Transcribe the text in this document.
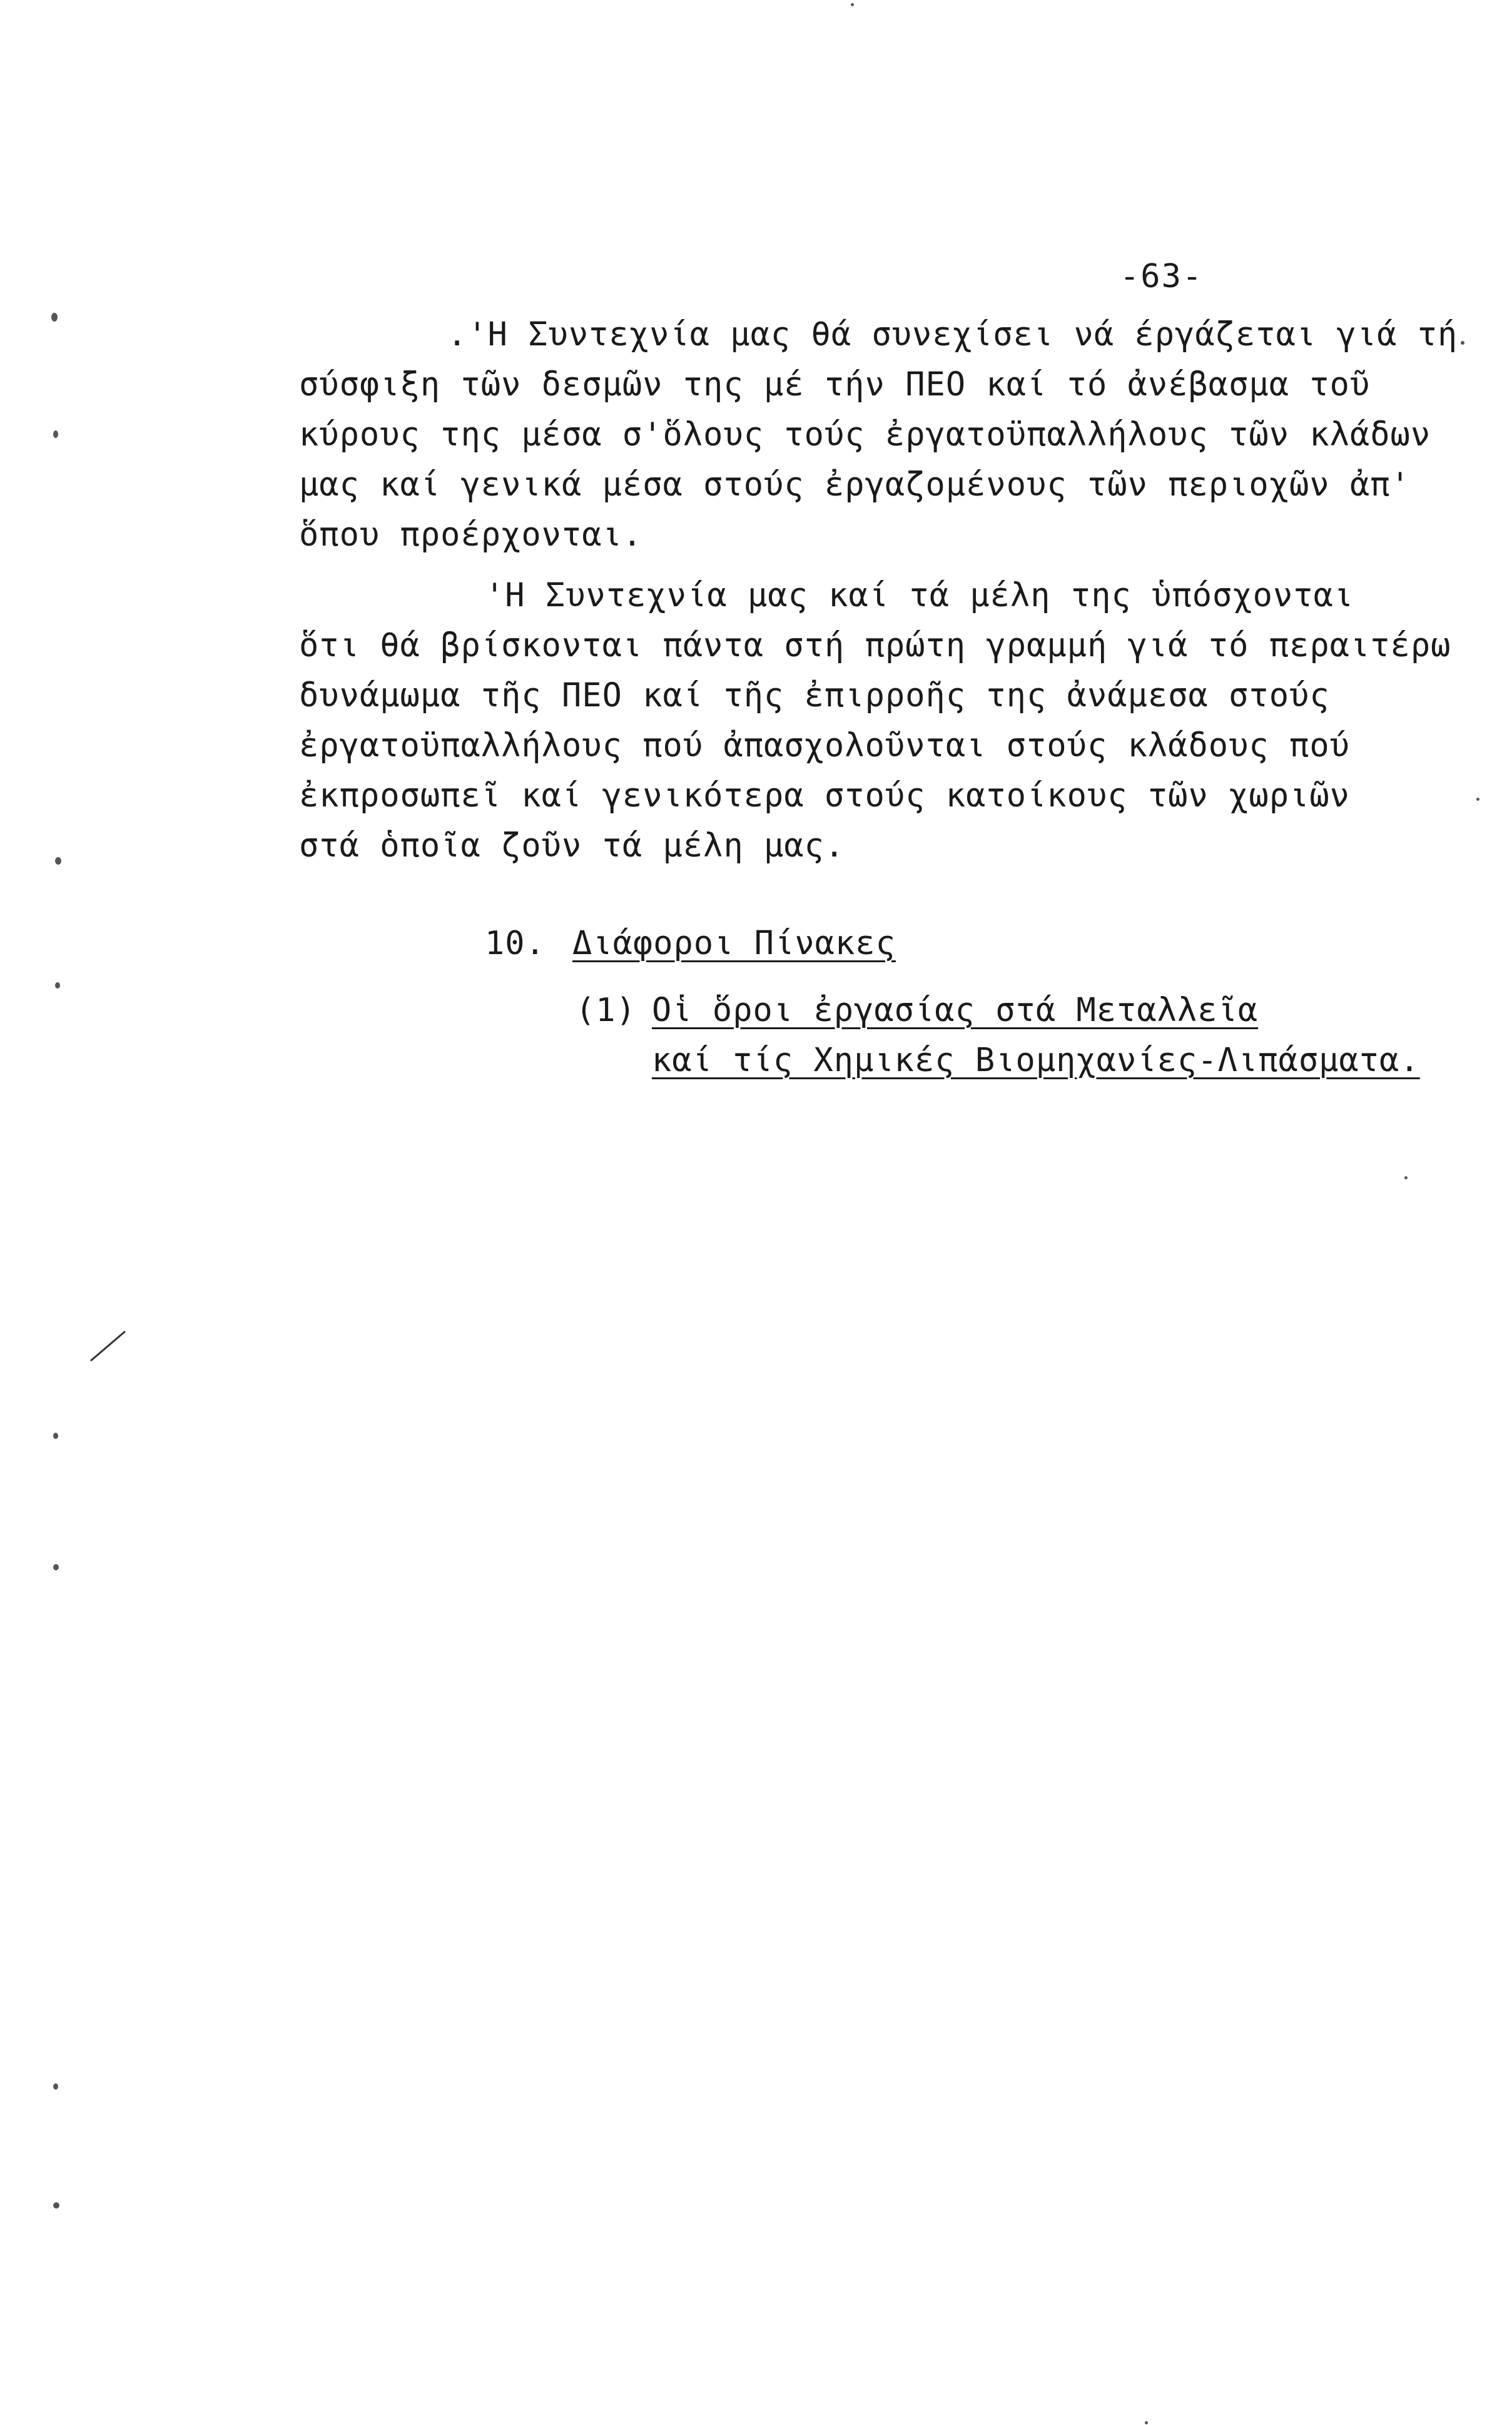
-63-
.'Η Συντεχνία μας θά συνεχίσει νά έργάζεται γιά τή
σύσφιξη τῶν δεσμῶν της μέ τήν ΠΕΟ καί τό ἀνέβασμα τοῦ
κύρους της μέσα σ'ὅλους τούς ἐργατοϋπαλλήλους τῶν κλάδων
μας καί γενικά μέσα στούς ἐργαζομένους τῶν περιοχῶν ἀπ'
ὅπου προέρχονται.
'Η Συντεχνία μας καί τά μέλη της ὑπόσχονται
ὅτι θά βρίσκονται πάντα στή πρώτη γραμμή γιά τό περαιτέρω
δυνάμωμα τῆς ΠΕΟ καί τῆς ἐπιρροῆς της ἀνάμεσα στούς
ἐργατοϋπαλλήλους πού ἀπασχολοῦνται στούς κλάδους πού
ἐκπροσωπεῖ καί γενικότερα στούς κατοίκους τῶν χωριῶν
στά ὁποῖα ζοῦν τά μέλη μας.
10. Διάφοροι Πίνακες
(1) Οἱ ὅροι ἐργασίας στά Μεταλλεῖα
καί τίς Χημικές Βιομηχανίες-Λιπάσματα.
